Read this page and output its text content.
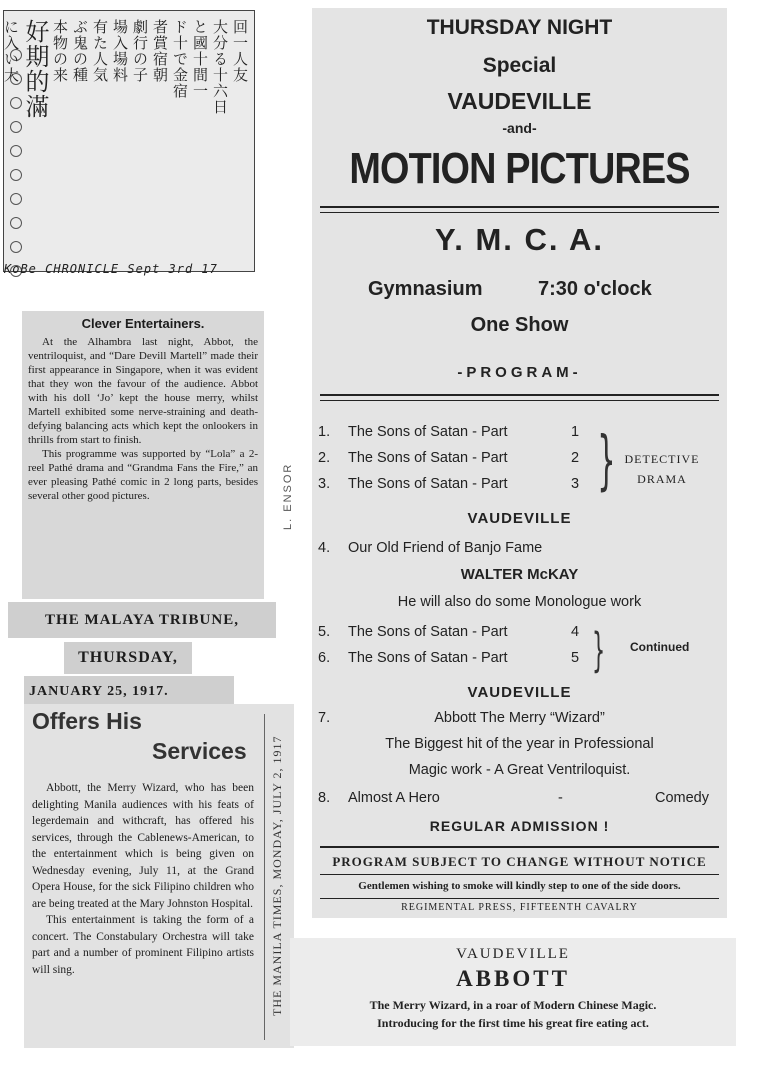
回一人友
大分る十六日
と國十間一
ド十で金宿
者賞宿朝
劇行の子
場入場料
有た人気
ぶ鬼の種
本物の来
好期的滿
に入い大
KoBe CHRONICLE Sept 3rd 17
Clever Entertainers.

At the Alhambra last night, Abbot, the ventriloquist, and “Dare Devill Martell” made their first appearance in Singapore, when it was evident that they won the favour of the audience. Abbot with his doll ‘Jo’ kept the house merry, whilst Martell exhibited some nerve-straining and death-defying balancing acts which kept the onlookers in thrills from start to finish.

This programme was supported by “Lola” a 2-reel Pathé drama and “Grandma Fans the Fire,” an ever pleasing Pathé comic in 2 long parts, besides several other good pictures.

THE MALAYA TRIBUNE,
THURSDAY,
JANUARY 25, 1917.
Offers His
Services

Abbott, the Merry Wizard, who has been delighting Manila audiences with his feats of legerdemain and withcraft, has offered his services, through the Cablenews-American, to the entertainment which is being given on Wednesday evening, July 11, at the Grand Opera House, for the sick Filipino children who are being treated at the Mary Johnston Hospital.

This entertainment is taking the form of a concert. The Constabulary Orchestra will take part and a number of prominent Filipino artists will sing.	THE MANILA TIMES, MONDAY, JULY 2, 1917
L. ENSOR
THURSDAY NIGHT
Special
VAUDEVILLE
-and-
MOTION PICTURES
Y. M. C. A.
Gymnasium	7:30 o'clock
One Show
-PROGRAM-
1. The Sons of Satan - Part	1
2. The Sons of Satan - Part	2
3. The Sons of Satan - Part	3 } DETECTIVE
DRAMA
VAUDEVILLE
4. Our Old Friend of Banjo Fame
WALTER McKAY
He will also do some Monologue work
5. The Sons of Satan - Part	4
6. The Sons of Satan - Part	5 } Continued
VAUDEVILLE
7.	Abbott The Merry “Wizard”
The Biggest hit of the year in Professional
Magic work - A Great Ventriloquist.
8. Almost A Hero	-	Comedy
REGULAR ADMISSION !
PROGRAM SUBJECT TO CHANGE WITHOUT NOTICE
Gentlemen wishing to smoke will kindly step to one of the side doors.
REGIMENTAL PRESS, FIFTEENTH CAVALRY
VAUDEVILLE
ABBOTT
The Merry Wizard, in a roar of Modern Chinese Magic.
Introducing for the first time his great fire eating act.
